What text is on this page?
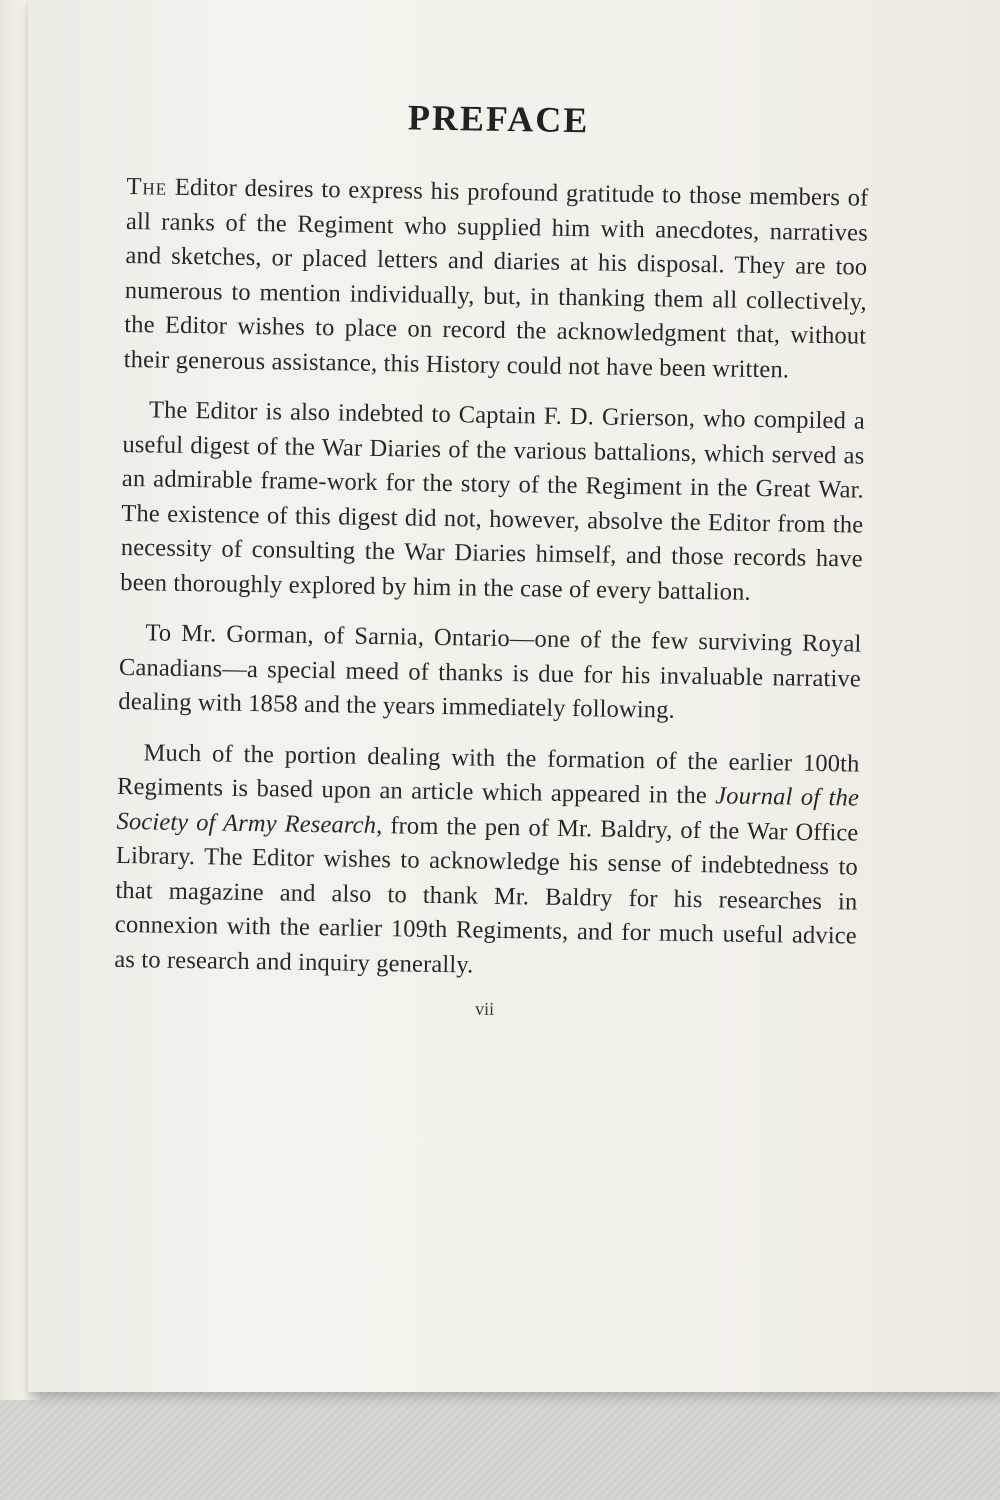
PREFACE

The Editor desires to express his profound gratitude to those members of all ranks of the Regiment who supplied him with anecdotes, narratives and sketches, or placed letters and diaries at his disposal. They are too numerous to mention individually, but, in thanking them all collectively, the Editor wishes to place on record the acknowledgment that, without their generous assistance, this History could not have been written.

The Editor is also indebted to Captain F. D. Grierson, who compiled a useful digest of the War Diaries of the various battalions, which served as an admirable frame-work for the story of the Regiment in the Great War. The existence of this digest did not, however, absolve the Editor from the necessity of consulting the War Diaries himself, and those records have been thoroughly explored by him in the case of every battalion.

To Mr. Gorman, of Sarnia, Ontario—one of the few surviving Royal Canadians—a special meed of thanks is due for his invaluable narrative dealing with 1858 and the years immediately following.

Much of the portion dealing with the formation of the earlier 100th Regiments is based upon an article which appeared in the Journal of the Society of Army Research, from the pen of Mr. Baldry, of the War Office Library. The Editor wishes to acknowledge his sense of indebtedness to that magazine and also to thank Mr. Baldry for his researches in connexion with the earlier 109th Regiments, and for much useful advice as to research and inquiry generally.

vii
